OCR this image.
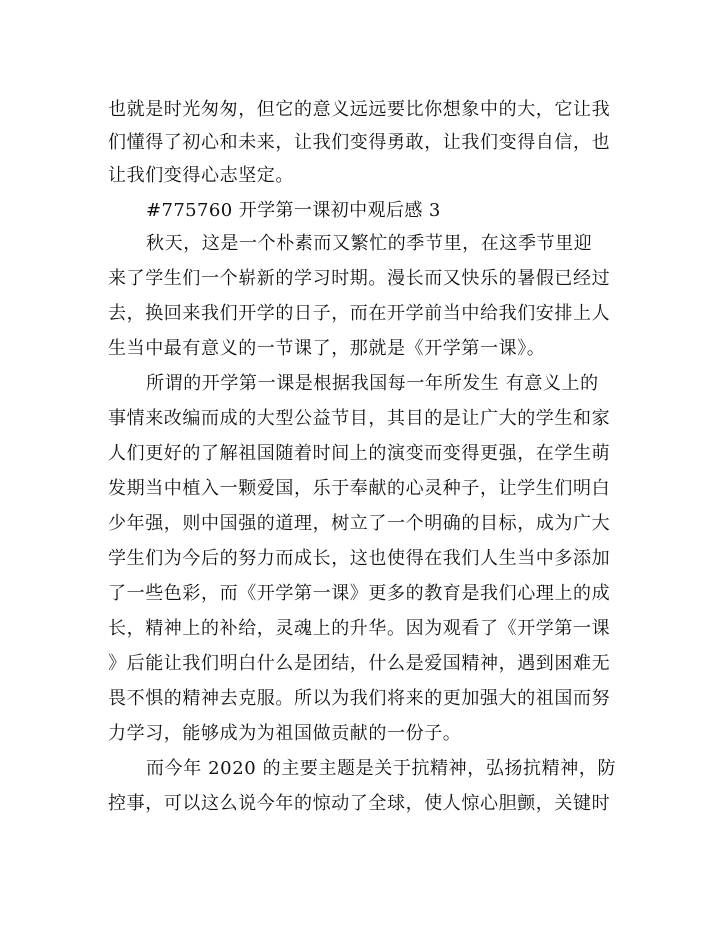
也就是时光匆匆，但它的意义远远要比你想象中的大，它让我
们懂得了初心和未来，让我们变得勇敢，让我们变得自信，也
让我们变得心志坚定。
#775760 开学第一课初中观后感 3
秋天，这是一个朴素而又繁忙的季节里，在这季节里迎
来了学生们一个崭新的学习时期。漫长而又快乐的暑假已经过
去，换回来我们开学的日子，而在开学前当中给我们安排上人
生当中最有意义的一节课了，那就是《开学第一课》。
所谓的开学第一课是根据我国每一年所发生 有意义上的
事情来改编而成的大型公益节目，其目的是让广大的学生和家
人们更好的了解祖国随着时间上的演变而变得更强，在学生萌
发期当中植入一颗爱国，乐于奉献的心灵种子，让学生们明白
少年强，则中国强的道理，树立了一个明确的目标，成为广大
学生们为今后的努力而成长，这也使得在我们人生当中多添加
了一些色彩，而《开学第一课》更多的教育是我们心理上的成
长，精神上的补给，灵魂上的升华。因为观看了《开学第一课
》后能让我们明白什么是团结，什么是爱国精神，遇到困难无
畏不惧的精神去克服。所以为我们将来的更加强大的祖国而努
力学习，能够成为为祖国做贡献的一份子。
而今年 2020 的主要主题是关于抗精神，弘扬抗精神，防
控事，可以这么说今年的惊动了全球，使人惊心胆颤，关键时
